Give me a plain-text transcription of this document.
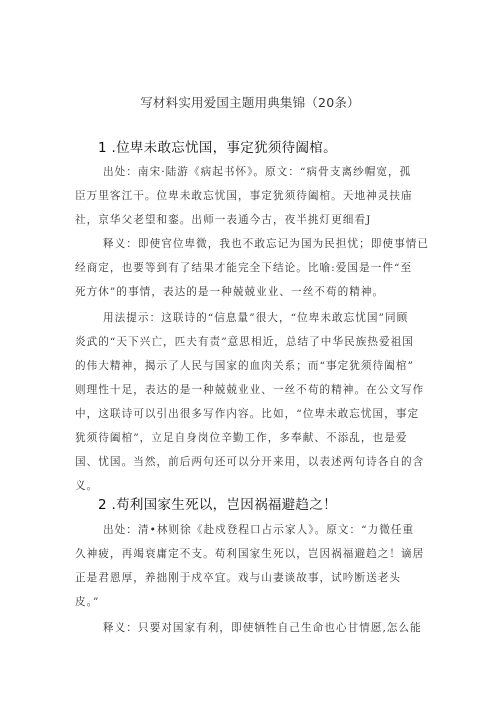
写材料实用爱国主题用典集锦（20条）
1 .位卑未敢忘忧国，事定犹须待阖棺。
出处：南宋·陆游《病起书怀》。原文：“病骨支离纱帽宽，孤
臣万里客江干。位卑未敢忘忧国，事定犹须待阖棺。天地神灵扶庙
社，京华父老望和銮。出师一表通今古，夜半挑灯更细看J
释义：即使官位卑微，我也不敢忘记为国为民担忧；即使事情已
经商定，也要等到有了结果才能完全下结论。比喻:爱国是一件“至
死方休”的事情，表达的是一种兢兢业业、一丝不苟的精神。
用法提示：这联诗的“信息量”很大，“位卑未敢忘忧国”同顾
炎武的“天下兴亡，匹夫有责”意思相近，总结了中华民族热爱祖国
的伟大精神，揭示了人民与国家的血肉关系；而“事定犹须待阖棺”
则理性十足，表达的是一种兢兢业业、一丝不苟的精神。在公文写作
中，这联诗可以引出很多写作内容。比如，“位卑未敢忘忧国，事定
犹须待阖棺”，立足自身岗位辛勤工作，多奉献、不添乱，也是爱
国、忧国。当然，前后两句还可以分开来用，以表述两句诗各自的含
义。
2 .苟利国家生死以，岂因祸福避趋之！
出处：清•林则徐《赴戍登程口占示家人》。原文：“力微任重
久神疲，再竭衰庸定不支。苟利国家生死以，岂因祸福避趋之！谪居
正是君恩厚，养拙刚于戍卒宜。戏与山妻谈故事，试吟断送老头
皮。”
释义：只要对国家有利，即使牺牲自己生命也心甘情愿,怎么能
